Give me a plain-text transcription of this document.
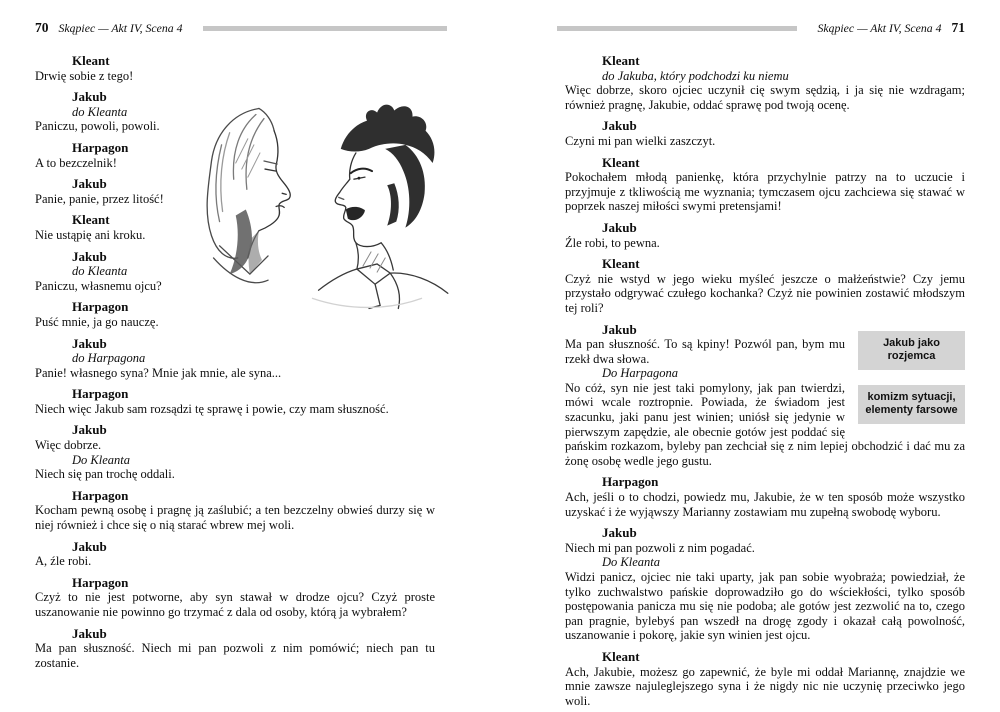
70 Skąpiec — Akt IV, Scena 4
Kleant
Drwię sobie z tego!
Jakub
do Kleanta
Paniczu, powoli, powoli.
Harpagon
A to bezczelnik!
Jakub
Panie, panie, przez litość!
Kleant
Nie ustąpię ani kroku.
Jakub
do Kleanta
Paniczu, własnemu ojcu?
Harpagon
Puść mnie, ja go nauczę.
Jakub
do Harpagona
Panie! własnego syna? Mnie jak mnie, ale syna...
Harpagon
Niech więc Jakub sam rozsądzi tę sprawę i powie, czy mam słuszność.
Jakub
Więc dobrze.
Do Kleanta
Niech się pan trochę oddali.
Harpagon
Kocham pewną osobę i pragnę ją zaślubić; a ten bezczelny obwieś durzy się w niej również i chce się o nią starać wbrew mej woli.
Jakub
A, źle robi.
Harpagon
Czyż to nie jest potworne, aby syn stawał w drodze ojcu? Czyż proste uszanowanie nie powinno go trzymać z dala od osoby, którą ja wybrałem?
Jakub
Ma pan słuszność. Niech mi pan pozwoli z nim pomówić; niech pan tu zostanie.
Skąpiec — Akt IV, Scena 4 71
Kleant
do Jakuba, który podchodzi ku niemu
Więc dobrze, skoro ojciec uczynił cię swym sędzią, i ja się nie wzdragam; również pragnę, Jakubie, oddać sprawę pod twoją ocenę.
Jakub
Czyni mi pan wielki zaszczyt.
Kleant
Pokochałem młodą panienkę, która przychylnie patrzy na to uczucie i przyjmuje z tkliwością me wyznania; tymczasem ojcu zachciewa się stawać w poprzek naszej miłości swymi pretensjami!
Jakub
Źle robi, to pewna.
Kleant
Czyż nie wstyd w jego wieku myśleć jeszcze o małżeństwie? Czy jemu przystało odgrywać czułego kochanka? Czyż nie powinien zostawić młodszym tej roli?
Jakub jako rozjemca
komizm sytuacji, elementy farsowe
Jakub
Ma pan słuszność. To są kpiny! Pozwól pan, bym mu rzekł dwa słowa.
Do Harpagona
No cóż, syn nie jest taki pomylony, jak pan twierdzi, mówi wcale roztropnie. Powiada, że świadom jest szacunku, jaki panu jest winien; uniósł się jedynie w pierwszym zapędzie, ale obecnie gotów jest poddać się pańskim rozkazom, byleby pan zechciał się z nim lepiej obchodzić i dać mu za żonę osobę wedle jego gustu.
Harpagon
Ach, jeśli o to chodzi, powiedz mu, Jakubie, że w ten sposób może wszystko uzyskać i że wyjąwszy Marianny zostawiam mu zupełną swobodę wyboru.
Jakub
Niech mi pan pozwoli z nim pogadać.
Do Kleanta
Widzi panicz, ojciec nie taki uparty, jak pan sobie wyobraża; powiedział, że tylko zuchwalstwo pańskie doprowadziło go do wściekłości, tylko sposób postępowania panicza mu się nie podoba; ale gotów jest zezwolić na to, czego pan pragnie, bylebyś pan wszedł na drogę zgody i okazał całą powolność, uszanowanie i pokorę, jakie syn winien jest ojcu.
Kleant
Ach, Jakubie, możesz go zapewnić, że byle mi oddał Mariannę, znajdzie we mnie zawsze najuleglejszego syna i że nigdy nic nie uczynię przeciwko jego woli.
